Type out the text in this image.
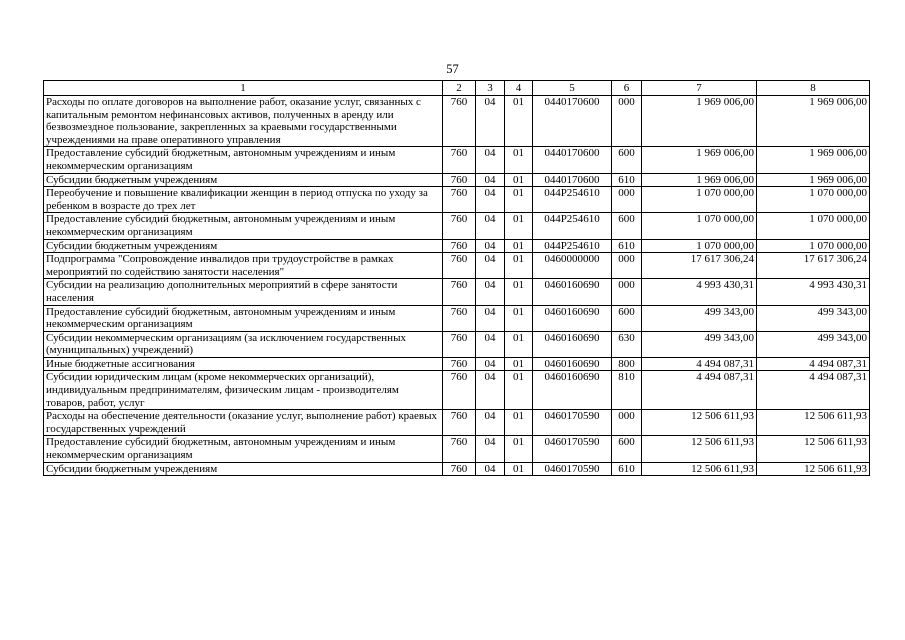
57
1	2	3	4	5	6	7	8
Расходы по оплате договоров на выполнение работ, оказание услуг, связанных с капитальным ремонтом нефинансовых активов, полученных в аренду или безвозмездное пользование, закрепленных за краевыми государственными учреждениями на праве оперативного управления	760	04	01	0440170600	000	1 969 006,00	1 969 006,00
Предоставление субсидий бюджетным, автономным учреждениям и иным некоммерческим организациям	760	04	01	0440170600	600	1 969 006,00	1 969 006,00
Субсидии бюджетным учреждениям	760	04	01	0440170600	610	1 969 006,00	1 969 006,00
Переобучение и повышение квалификации женщин в период отпуска по уходу за ребенком в возрасте до трех лет	760	04	01	044P254610	000	1 070 000,00	1 070 000,00
Предоставление субсидий бюджетным, автономным учреждениям и иным некоммерческим организациям	760	04	01	044P254610	600	1 070 000,00	1 070 000,00
Субсидии бюджетным учреждениям	760	04	01	044P254610	610	1 070 000,00	1 070 000,00
Подпрограмма "Сопровождение инвалидов при трудоустройстве в рамках мероприятий по содействию занятости населения"	760	04	01	0460000000	000	17 617 306,24	17 617 306,24
Субсидии на реализацию дополнительных мероприятий в сфере занятости населения	760	04	01	0460160690	000	4 993 430,31	4 993 430,31
Предоставление субсидий бюджетным, автономным учреждениям и иным некоммерческим организациям	760	04	01	0460160690	600	499 343,00	499 343,00
Субсидии некоммерческим организациям (за исключением государственных (муниципальных) учреждений)	760	04	01	0460160690	630	499 343,00	499 343,00
Иные бюджетные ассигнования	760	04	01	0460160690	800	4 494 087,31	4 494 087,31
Субсидии юридическим лицам (кроме некоммерческих организаций), индивидуальным предпринимателям, физическим лицам - производителям товаров, работ, услуг	760	04	01	0460160690	810	4 494 087,31	4 494 087,31
Расходы на обеспечение деятельности (оказание услуг, выполнение работ) краевых государственных учреждений	760	04	01	0460170590	000	12 506 611,93	12 506 611,93
Предоставление субсидий бюджетным, автономным учреждениям и иным некоммерческим организациям	760	04	01	0460170590	600	12 506 611,93	12 506 611,93
Субсидии бюджетным учреждениям	760	04	01	0460170590	610	12 506 611,93	12 506 611,93
